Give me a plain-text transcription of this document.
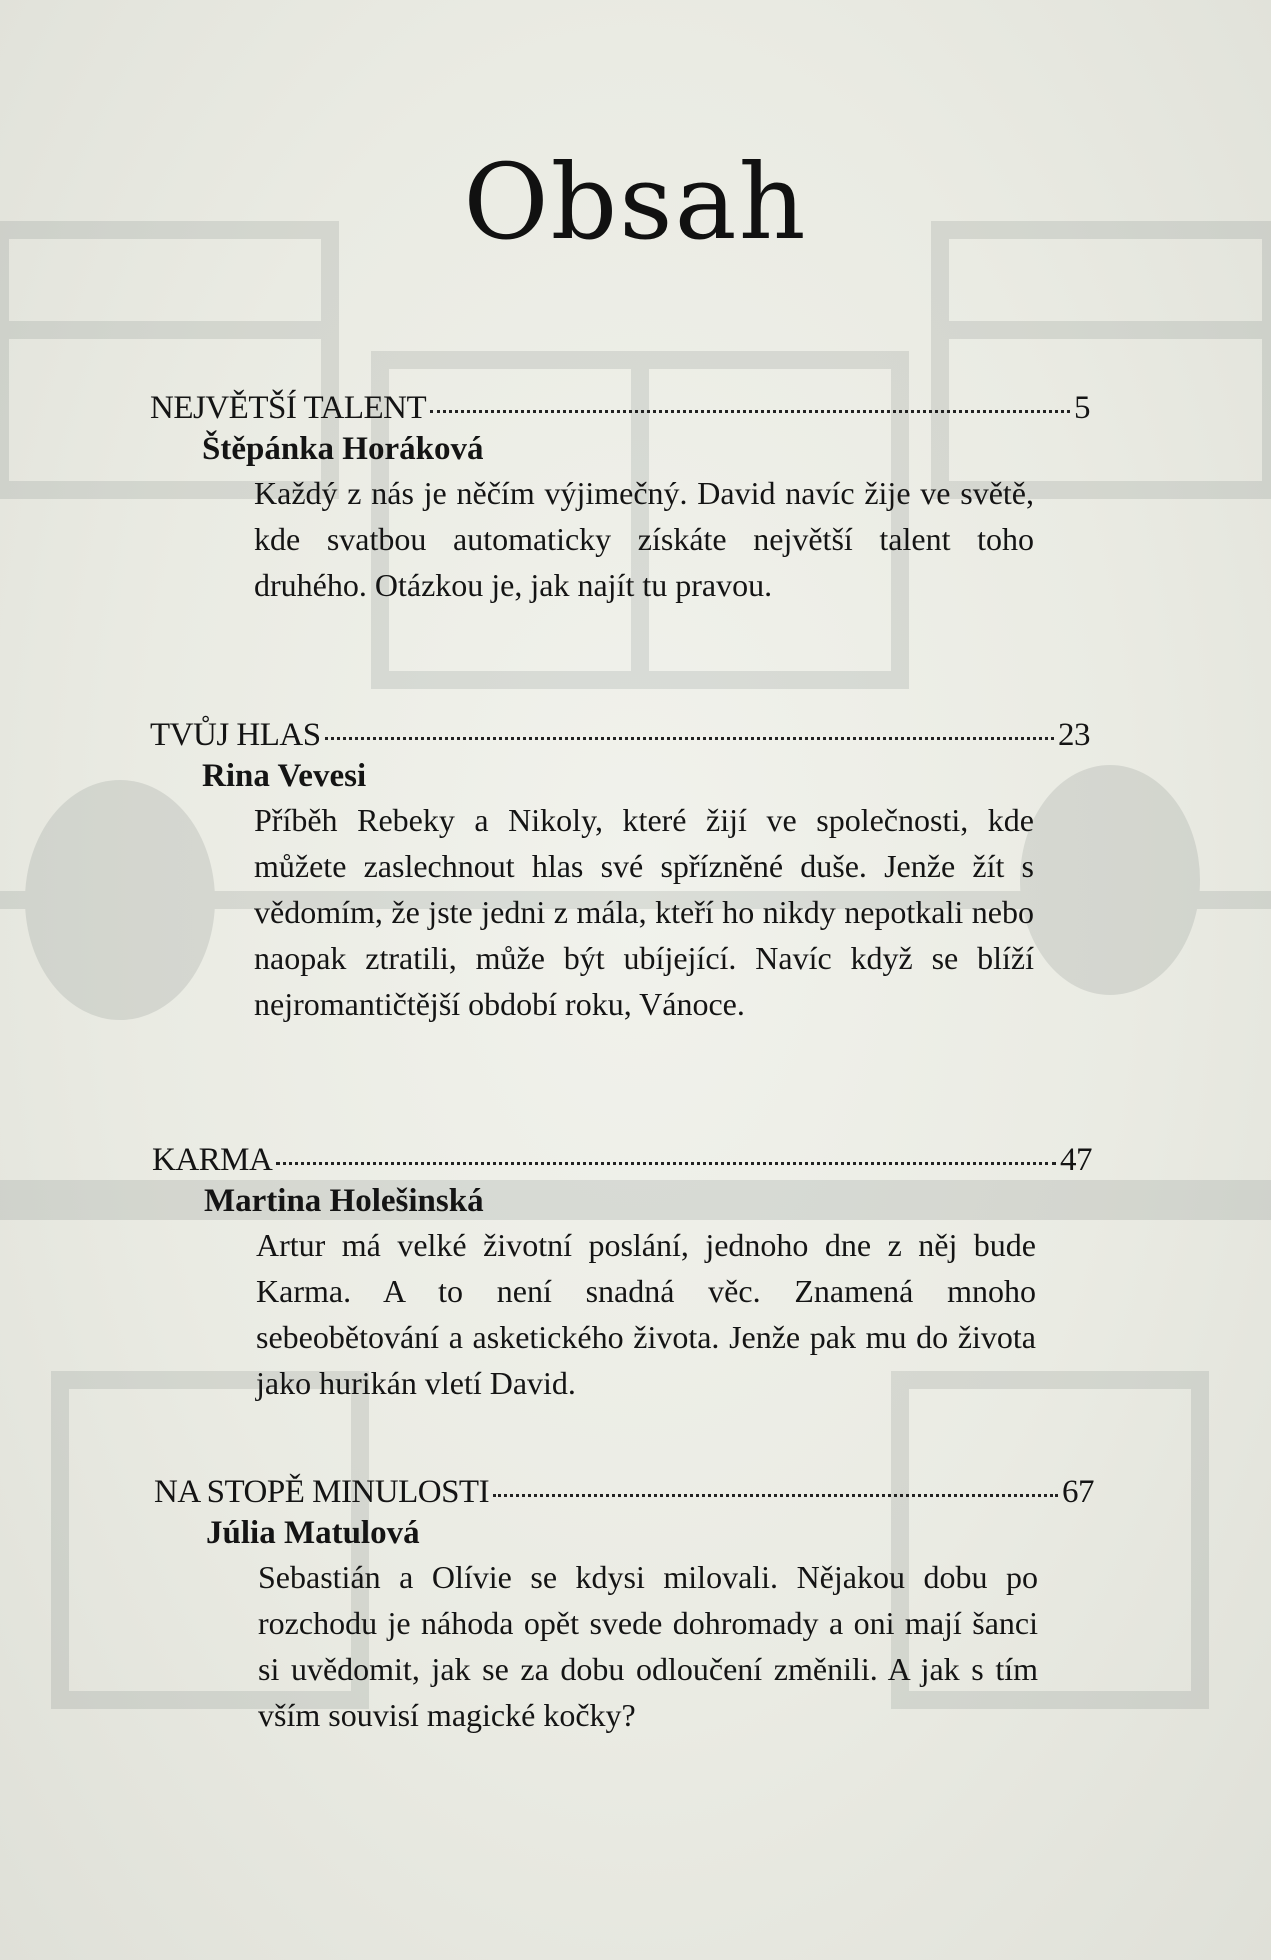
Obsah
NEJVĚTŠÍ TALENT	5
Štěpánka Horáková
Každý z nás je něčím výjimečný. David navíc žije ve světě, kde svatbou automaticky získáte největší talent toho druhého. Otázkou je, jak najít tu pravou.
TVŮJ HLAS	23
Rina Vevesi
Příběh Rebeky a Nikoly, které žijí ve společnosti, kde můžete zaslechnout hlas své spřízněné duše. Jenže žít s vědomím, že jste jedni z mála, kteří ho nikdy nepotkali nebo naopak ztratili, může být ubíjející. Navíc když se blíží nejromantičtější období roku, Vánoce.
KARMA	47
Martina Holešinská
Artur má velké životní poslání, jednoho dne z něj bude Karma. A to není snadná věc. Znamená mnoho sebeobětování a asketického života. Jenže pak mu do života jako hurikán vletí David.
NA STOPĚ MINULOSTI	67
Júlia Matulová
Sebastián a Olívie se kdysi milovali. Nějakou dobu po rozchodu je náhoda opět svede dohromady a oni mají šanci si uvědomit, jak se za dobu odloučení změnili. A jak s tím vším souvisí magické kočky?
